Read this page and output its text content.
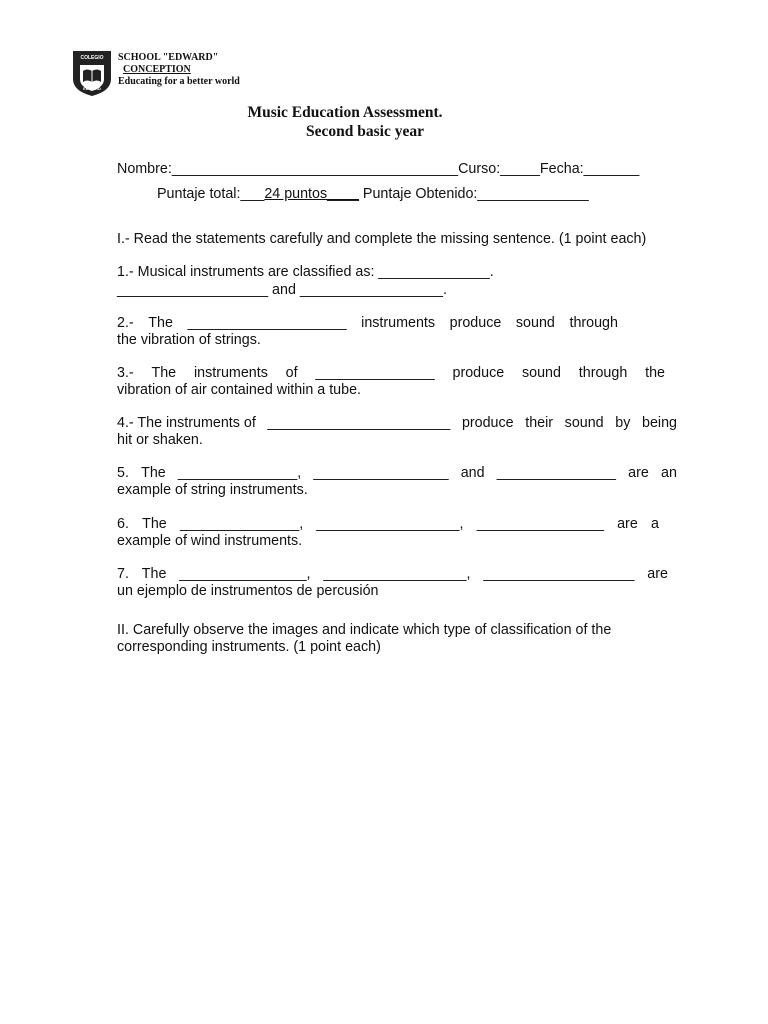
COLEGIO
EDWARD
SCHOOL "EDWARD"
CONCEPTION
Educating for a better world
Music Education Assessment.
Second basic year
Nombre:____________________________________Curso:_____Fecha:_______
Puntaje total:___24 puntos____ Puntaje Obtenido:______________
I.- Read the statements carefully and complete the missing sentence. (1 point each)
1.- Musical instruments are classified as: ______________.
___________________ and __________________.
2.- The ____________________ instruments produce sound through
the vibration of strings.
3.- The instruments of _______________ produce sound through the
vibration of air contained within a tube.
4.- The instruments of _______________________ produce their sound by being
hit or shaken.
5. The _______________, _________________ and _______________ are an
example of string instruments.
6. The _______________, __________________, ________________ are a
example of wind instruments.
7. The ________________, __________________, ___________________ are
un ejemplo de instrumentos de percusión
II. Carefully observe the images and indicate which type of classification of the
corresponding instruments. (1 point each)
